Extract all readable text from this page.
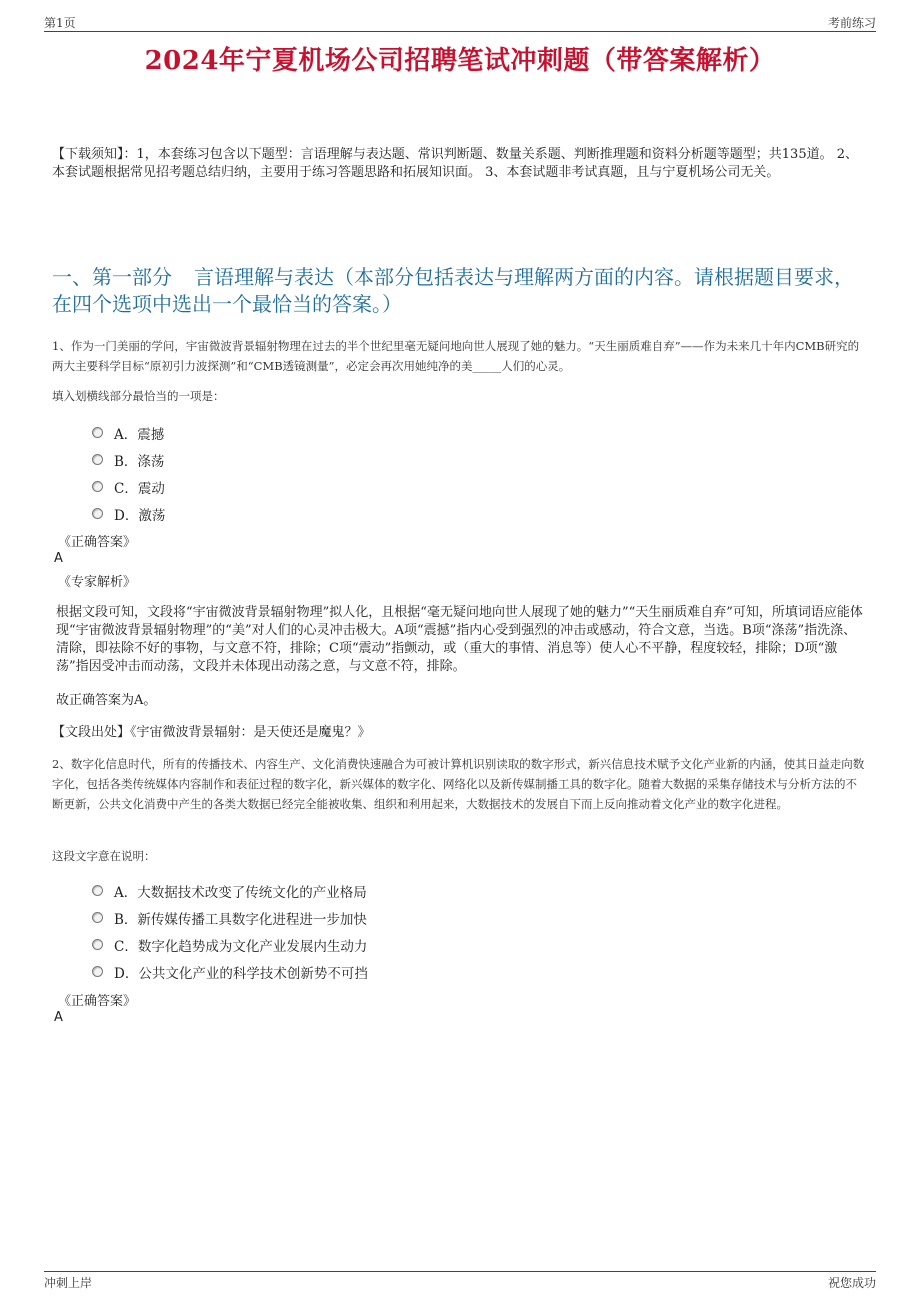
第1页	考前练习
2024年宁夏机场公司招聘笔试冲刺题（带答案解析）

【下载须知】：1，本套练习包含以下题型：言语理解与表达题、常识判断题、数量关系题、判断推理题和资料分析题等题型；共135道。 2、本套试题根据常见招考题总结归纳，主要用于练习答题思路和拓展知识面。 3、本套试题非考试真题，且与宁夏机场公司无关。

一、第一部分 言语理解与表达（本部分包括表达与理解两方面的内容。请根据题目要求，在四个选项中选出一个最恰当的答案。）

1、作为一门美丽的学问，宇宙微波背景辐射物理在过去的半个世纪里毫无疑问地向世人展现了她的魅力。“天生丽质难自弃”——作为未来几十年内CMB研究的两大主要科学目标“原初引力波探测”和“CMB透镜测量”，必定会再次用她纯净的美_____人们的心灵。

填入划横线部分最恰当的一项是：

A．震撼
B．涤荡
C．震动
D．激荡
《正确答案》
A
《专家解析》

根据文段可知，文段将“宇宙微波背景辐射物理”拟人化，且根据“毫无疑问地向世人展现了她的魅力”“天生丽质难自弃”可知，所填词语应能体现“宇宙微波背景辐射物理”的“美”对人们的心灵冲击极大。A项“震撼”指内心受到强烈的冲击或感动，符合文意，当选。B项“涤荡”指洗涤、清除，即祛除不好的事物，与文意不符，排除；C项“震动”指颤动，或（重大的事情、消息等）使人心不平静，程度较轻，排除；D项“激荡”指因受冲击而动荡，文段并未体现出动荡之意，与文意不符，排除。

故正确答案为A。

【文段出处】《宇宙微波背景辐射：是天使还是魔鬼？》

2、数字化信息时代，所有的传播技术、内容生产、文化消费快速融合为可被计算机识别读取的数字形式，新兴信息技术赋予文化产业新的内涵，使其日益走向数字化，包括各类传统媒体内容制作和表征过程的数字化，新兴媒体的数字化、网络化以及新传媒制播工具的数字化。随着大数据的采集存储技术与分析方法的不断更新，公共文化消费中产生的各类大数据已经完全能被收集、组织和利用起来，大数据技术的发展自下而上反向推动着文化产业的数字化进程。

这段文字意在说明：

A．大数据技术改变了传统文化的产业格局
B．新传媒传播工具数字化进程进一步加快
C．数字化趋势成为文化产业发展内生动力
D．公共文化产业的科学技术创新势不可挡
《正确答案》
A
冲刺上岸	祝您成功
